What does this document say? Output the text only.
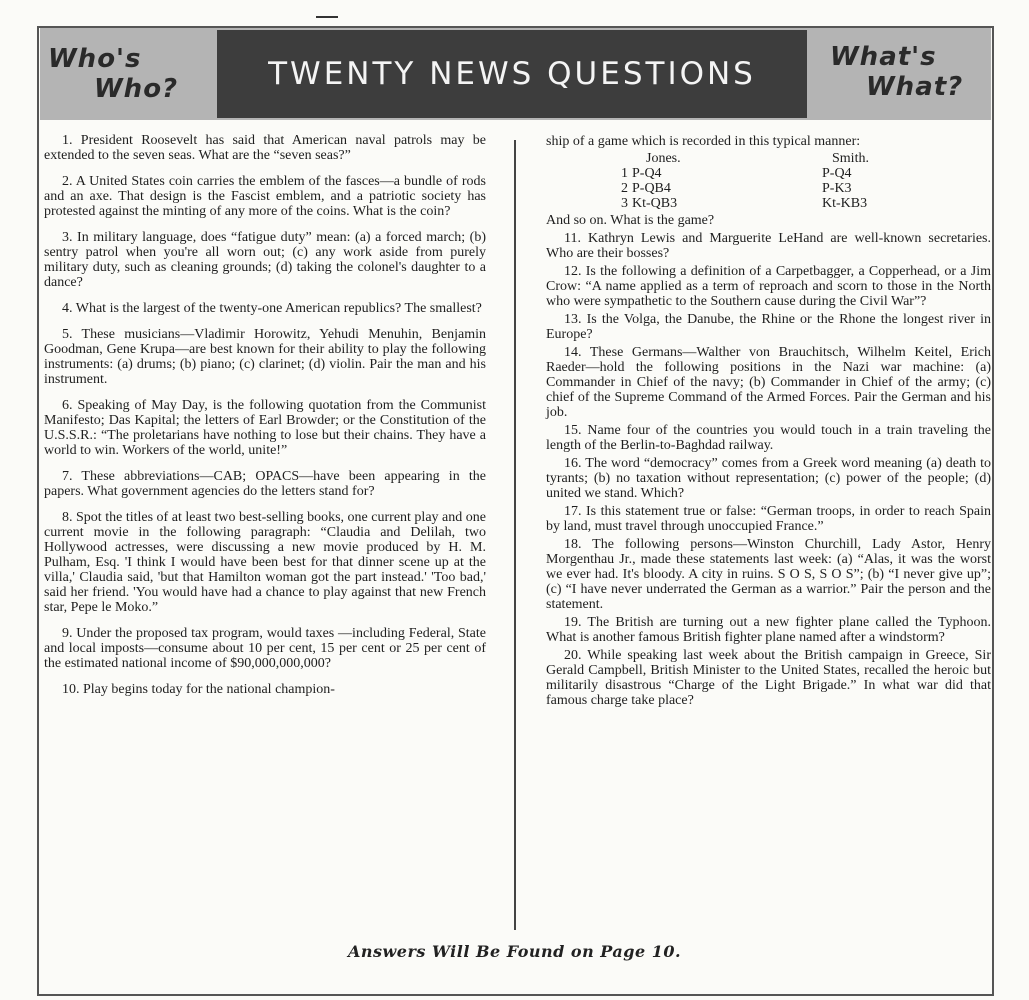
Who's
Who?	TWENTY NEWS QUESTIONS	What's
What?

1. President Roosevelt has said that American naval patrols may be extended to the seven seas. What are the “seven seas?”

2. A United States coin carries the emblem of the fasces—a bundle of rods and an axe. That design is the Fascist emblem, and a patriotic society has protested against the minting of any more of the coins. What is the coin?

3. In military language, does “fatigue duty” mean: (a) a forced march; (b) sentry patrol when you're all worn out; (c) any work aside from purely military duty, such as cleaning grounds; (d) taking the colonel's daughter to a dance?

4. What is the largest of the twenty-one American republics? The smallest?

5. These musicians—Vladimir Horowitz, Yehudi Menuhin, Benjamin Goodman, Gene Krupa—are best known for their ability to play the following instruments: (a) drums; (b) piano; (c) clarinet; (d) violin. Pair the man and his instrument.

6. Speaking of May Day, is the following quotation from the Communist Manifesto; Das Kapital; the letters of Earl Browder; or the Constitution of the U.S.S.R.: “The proletarians have nothing to lose but their chains. They have a world to win. Workers of the world, unite!”

7. These abbreviations—CAB; OPACS—have been appearing in the papers. What government agencies do the letters stand for?

8. Spot the titles of at least two best-selling books, one current play and one current movie in the following paragraph: “Claudia and Delilah, two Hollywood actresses, were discussing a new movie produced by H. M. Pulham, Esq. 'I think I would have been best for that dinner scene up at the villa,' Claudia said, 'but that Hamilton woman got the part instead.' 'Too bad,' said her friend. 'You would have had a chance to play against that new French star, Pepe le Moko.”

9. Under the proposed tax program, would taxes —including Federal, State and local imposts—consume about 10 per cent, 15 per cent or 25 per cent of the estimated national income of $90,000,000,000?

10. Play begins today for the national champion-

ship of a game which is recorded in this typical manner:

Jones.	Smith.
1 P-Q4	P-Q4
2 P-QB4	P-K3
3 Kt-QB3	Kt-KB3

And so on. What is the game?

11. Kathryn Lewis and Marguerite LeHand are well-known secretaries. Who are their bosses?

12. Is the following a definition of a Carpetbagger, a Copperhead, or a Jim Crow: “A name applied as a term of reproach and scorn to those in the North who were sympathetic to the Southern cause during the Civil War”?

13. Is the Volga, the Danube, the Rhine or the Rhone the longest river in Europe?

14. These Germans—Walther von Brauchitsch, Wilhelm Keitel, Erich Raeder—hold the following positions in the Nazi war machine: (a) Commander in Chief of the navy; (b) Commander in Chief of the army; (c) chief of the Supreme Command of the Armed Forces. Pair the German and his job.

15. Name four of the countries you would touch in a train traveling the length of the Berlin-to-Baghdad railway.

16. The word “democracy” comes from a Greek word meaning (a) death to tyrants; (b) no taxation without representation; (c) power of the people; (d) united we stand. Which?

17. Is this statement true or false: “German troops, in order to reach Spain by land, must travel through unoccupied France.”

18. The following persons—Winston Churchill, Lady Astor, Henry Morgenthau Jr., made these statements last week: (a) “Alas, it was the worst we ever had. It's bloody. A city in ruins. S O S, S O S”; (b) “I never give up”; (c) “I have never underrated the German as a warrior.” Pair the person and the statement.

19. The British are turning out a new fighter plane called the Typhoon. What is another famous British fighter plane named after a windstorm?

20. While speaking last week about the British campaign in Greece, Sir Gerald Campbell, British Minister to the United States, recalled the heroic but militarily disastrous “Charge of the Light Brigade.” In what war did that famous charge take place?

Answers Will Be Found on Page 10.
